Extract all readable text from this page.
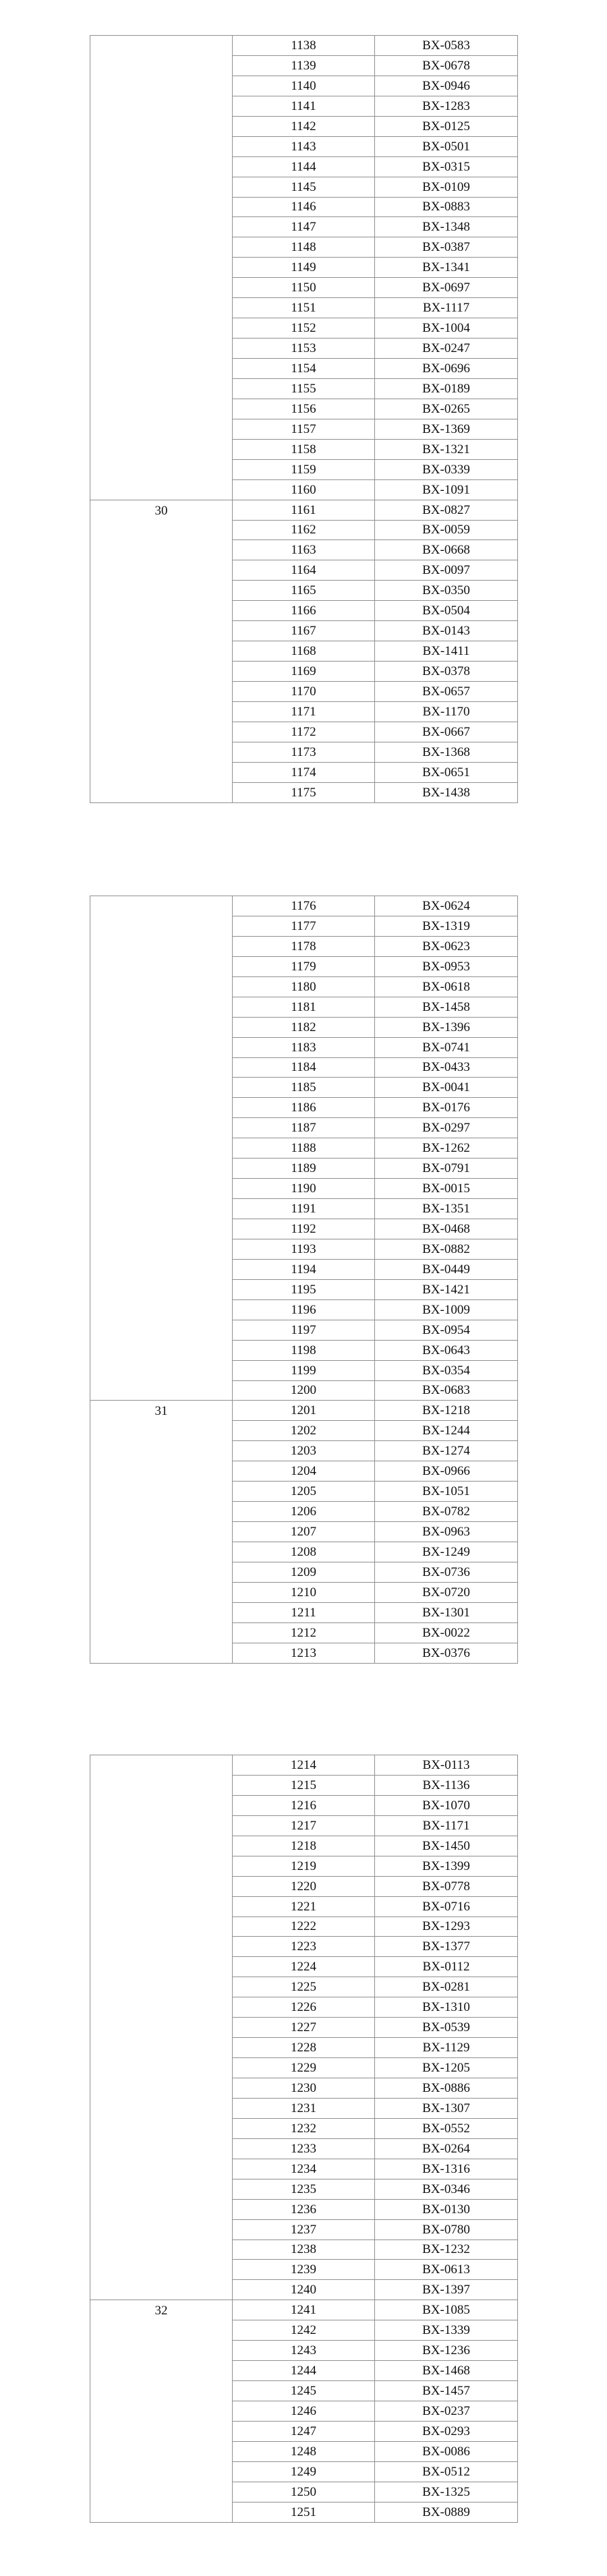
	1138	BX-0583
	1139	BX-0678
	1140	BX-0946
	1141	BX-1283
	1142	BX-0125
	1143	BX-0501
	1144	BX-0315
	1145	BX-0109
	1146	BX-0883
	1147	BX-1348
	1148	BX-0387
	1149	BX-1341
	1150	BX-0697
	1151	BX-1117
	1152	BX-1004
	1153	BX-0247
	1154	BX-0696
	1155	BX-0189
	1156	BX-0265
	1157	BX-1369
	1158	BX-1321
	1159	BX-0339
	1160	BX-1091
30	1161	BX-0827
	1162	BX-0059
	1163	BX-0668
	1164	BX-0097
	1165	BX-0350
	1166	BX-0504
	1167	BX-0143
	1168	BX-1411
	1169	BX-0378
	1170	BX-0657
	1171	BX-1170
	1172	BX-0667
	1173	BX-1368
	1174	BX-0651
	1175	BX-1438
	1176	BX-0624
	1177	BX-1319
	1178	BX-0623
	1179	BX-0953
	1180	BX-0618
	1181	BX-1458
	1182	BX-1396
	1183	BX-0741
	1184	BX-0433
	1185	BX-0041
	1186	BX-0176
	1187	BX-0297
	1188	BX-1262
	1189	BX-0791
	1190	BX-0015
	1191	BX-1351
	1192	BX-0468
	1193	BX-0882
	1194	BX-0449
	1195	BX-1421
	1196	BX-1009
	1197	BX-0954
	1198	BX-0643
	1199	BX-0354
	1200	BX-0683
31	1201	BX-1218
	1202	BX-1244
	1203	BX-1274
	1204	BX-0966
	1205	BX-1051
	1206	BX-0782
	1207	BX-0963
	1208	BX-1249
	1209	BX-0736
	1210	BX-0720
	1211	BX-1301
	1212	BX-0022
	1213	BX-0376
	1214	BX-0113
	1215	BX-1136
	1216	BX-1070
	1217	BX-1171
	1218	BX-1450
	1219	BX-1399
	1220	BX-0778
	1221	BX-0716
	1222	BX-1293
	1223	BX-1377
	1224	BX-0112
	1225	BX-0281
	1226	BX-1310
	1227	BX-0539
	1228	BX-1129
	1229	BX-1205
	1230	BX-0886
	1231	BX-1307
	1232	BX-0552
	1233	BX-0264
	1234	BX-1316
	1235	BX-0346
	1236	BX-0130
	1237	BX-0780
	1238	BX-1232
	1239	BX-0613
	1240	BX-1397
32	1241	BX-1085
	1242	BX-1339
	1243	BX-1236
	1244	BX-1468
	1245	BX-1457
	1246	BX-0237
	1247	BX-0293
	1248	BX-0086
	1249	BX-0512
	1250	BX-1325
	1251	BX-0889
